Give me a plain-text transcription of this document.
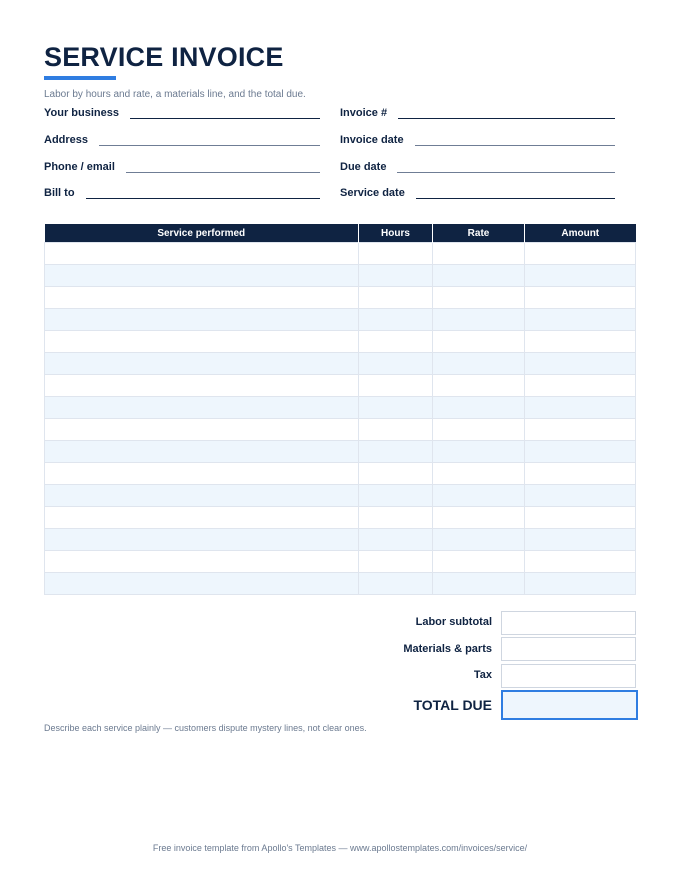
SERVICE INVOICE
Labor by hours and rate, a materials line, and the total due.
Your business
Address
Phone / email
Bill to
Invoice #
Invoice date
Due date
Service date
Service performed	Hours	Rate	Amount

Labor subtotal
Materials & parts
Tax
TOTAL DUE
Describe each service plainly — customers dispute mystery lines, not clear ones.
Free invoice template from Apollo's Templates — www.apollostemplates.com/invoices/service/
